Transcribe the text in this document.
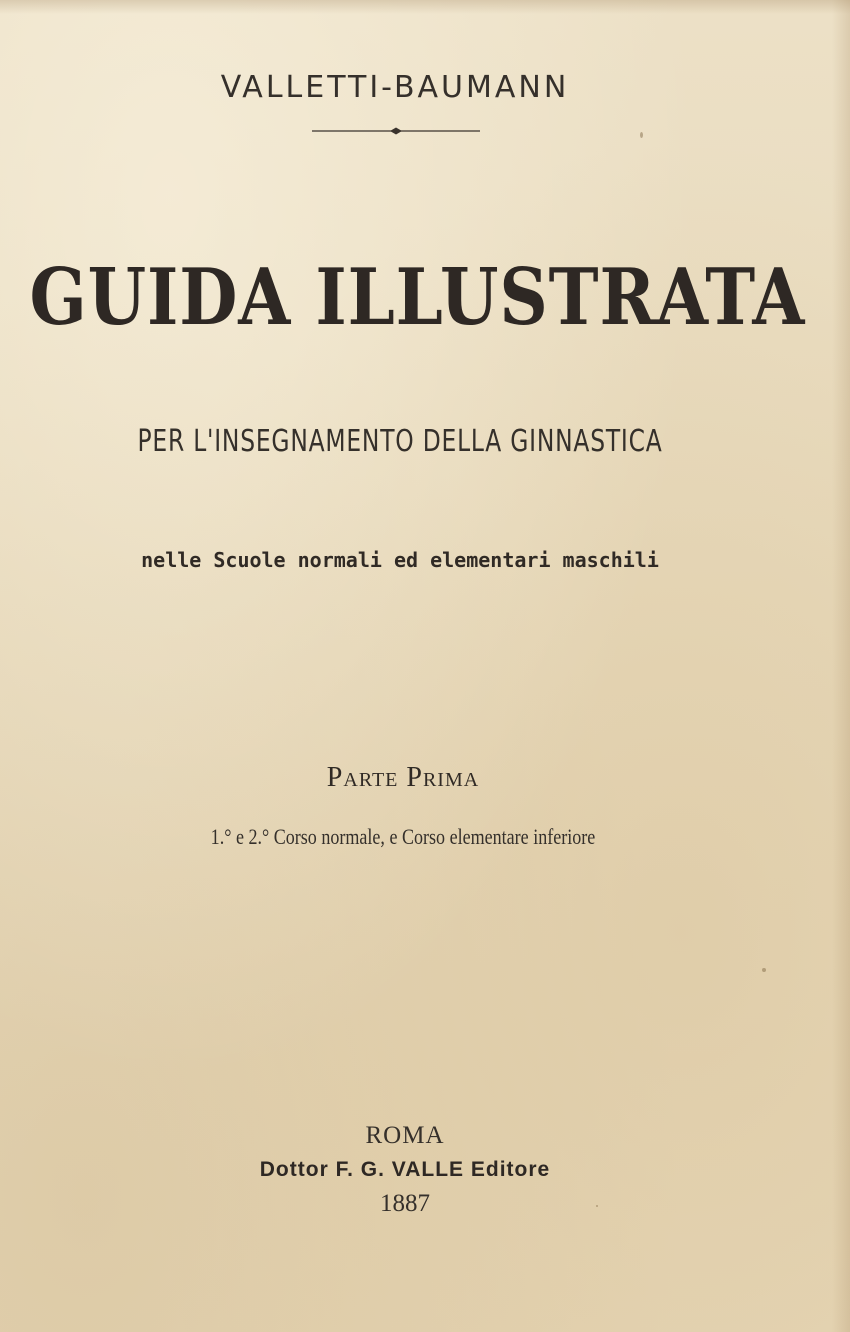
VALLETTI-BAUMANN
GUIDA ILLUSTRATA
PER L'INSEGNAMENTO DELLA GINNASTICA
nelle Scuole normali ed elementari maschili
Parte Prima
1.° e 2.° Corso normale, e Corso elementare inferiore
ROMA
Dottor F. G. VALLE Editore
1887
